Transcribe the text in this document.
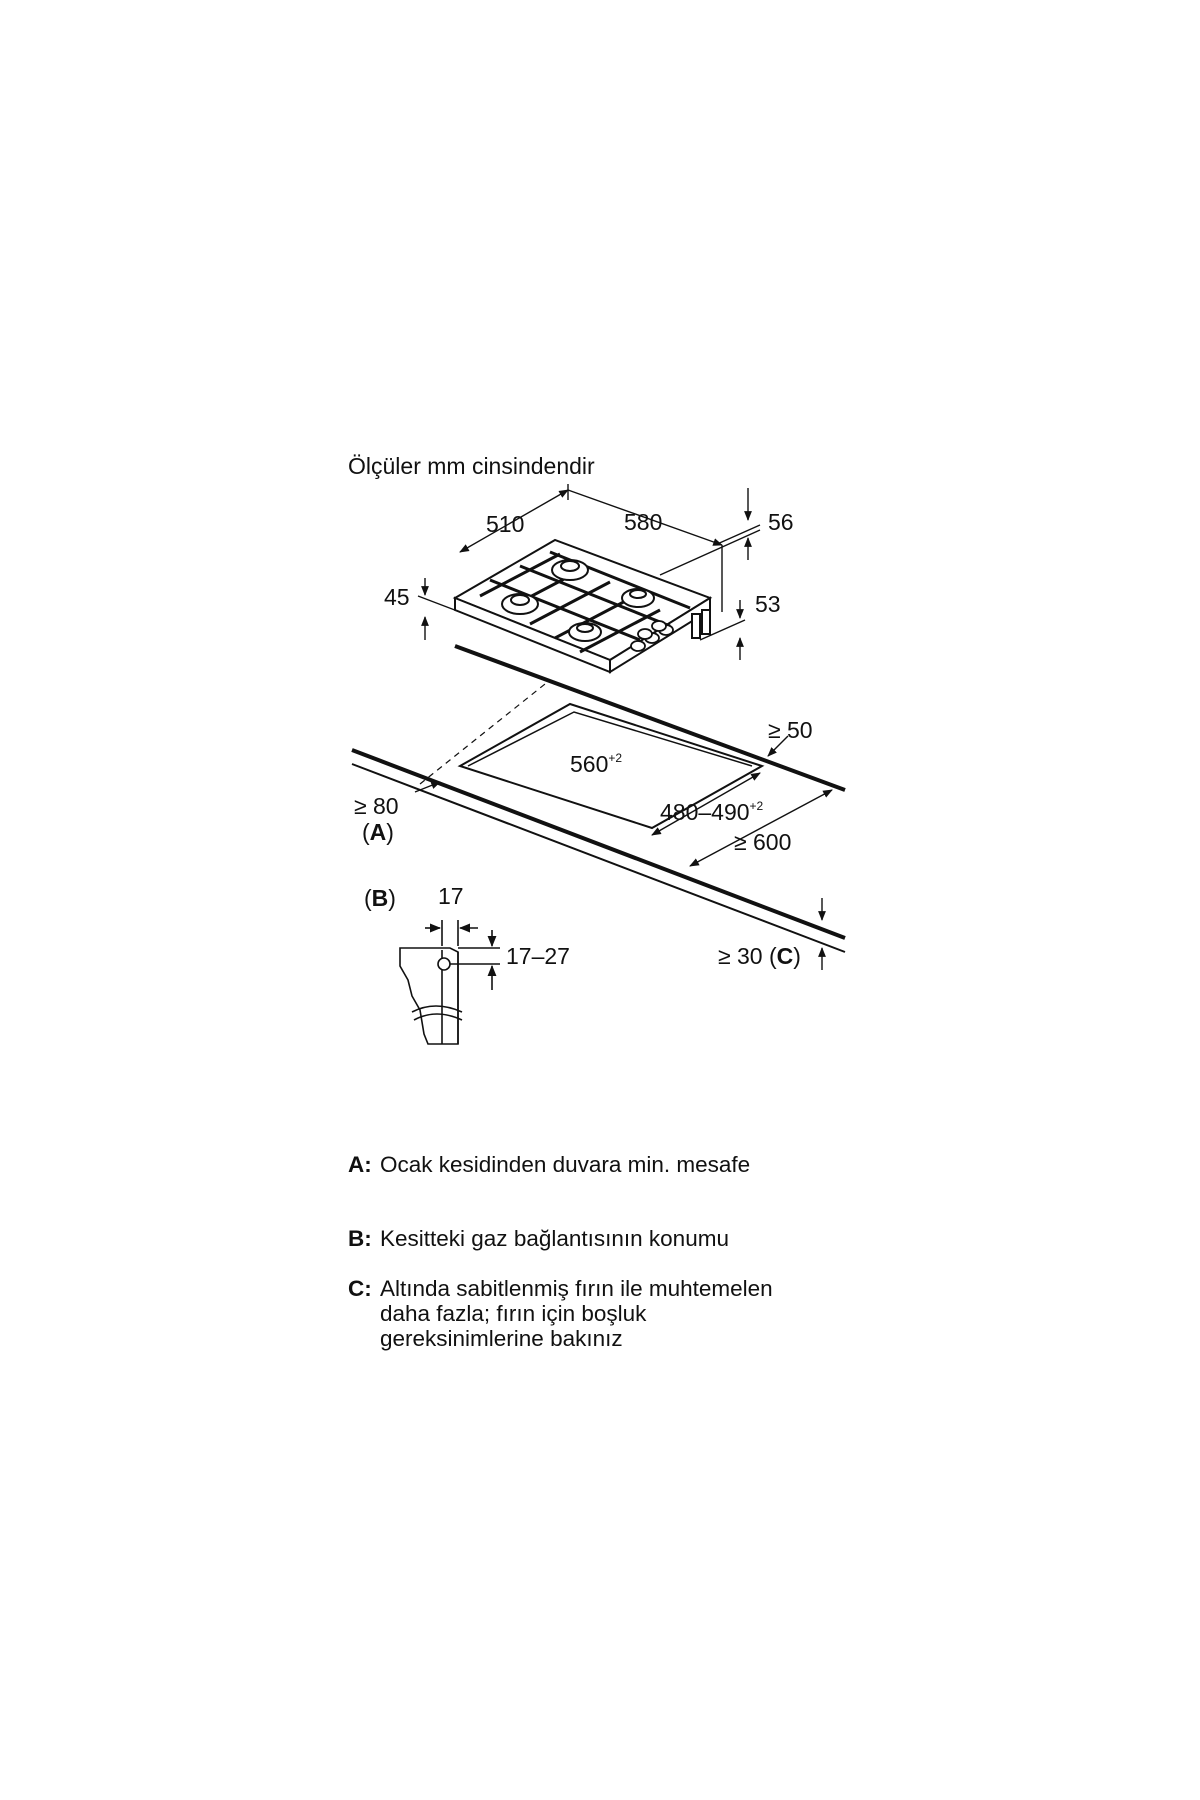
Ölçüler mm cinsindendir
510	580	56
53
45
$560^{+2}$
$480-490^{+2}$
≥ 50
≥ 80
(A)	≥ 600
≥ 30 (C)
(B) 17
17–27
A: Ocak kesidinden duvara min. mesafe
B: Kesitteki gaz bağlantısının konumu
C: Altında sabitlenmiş fırın ile muhtemelen daha fazla; fırın için boşluk gereksinimlerine bakınız
